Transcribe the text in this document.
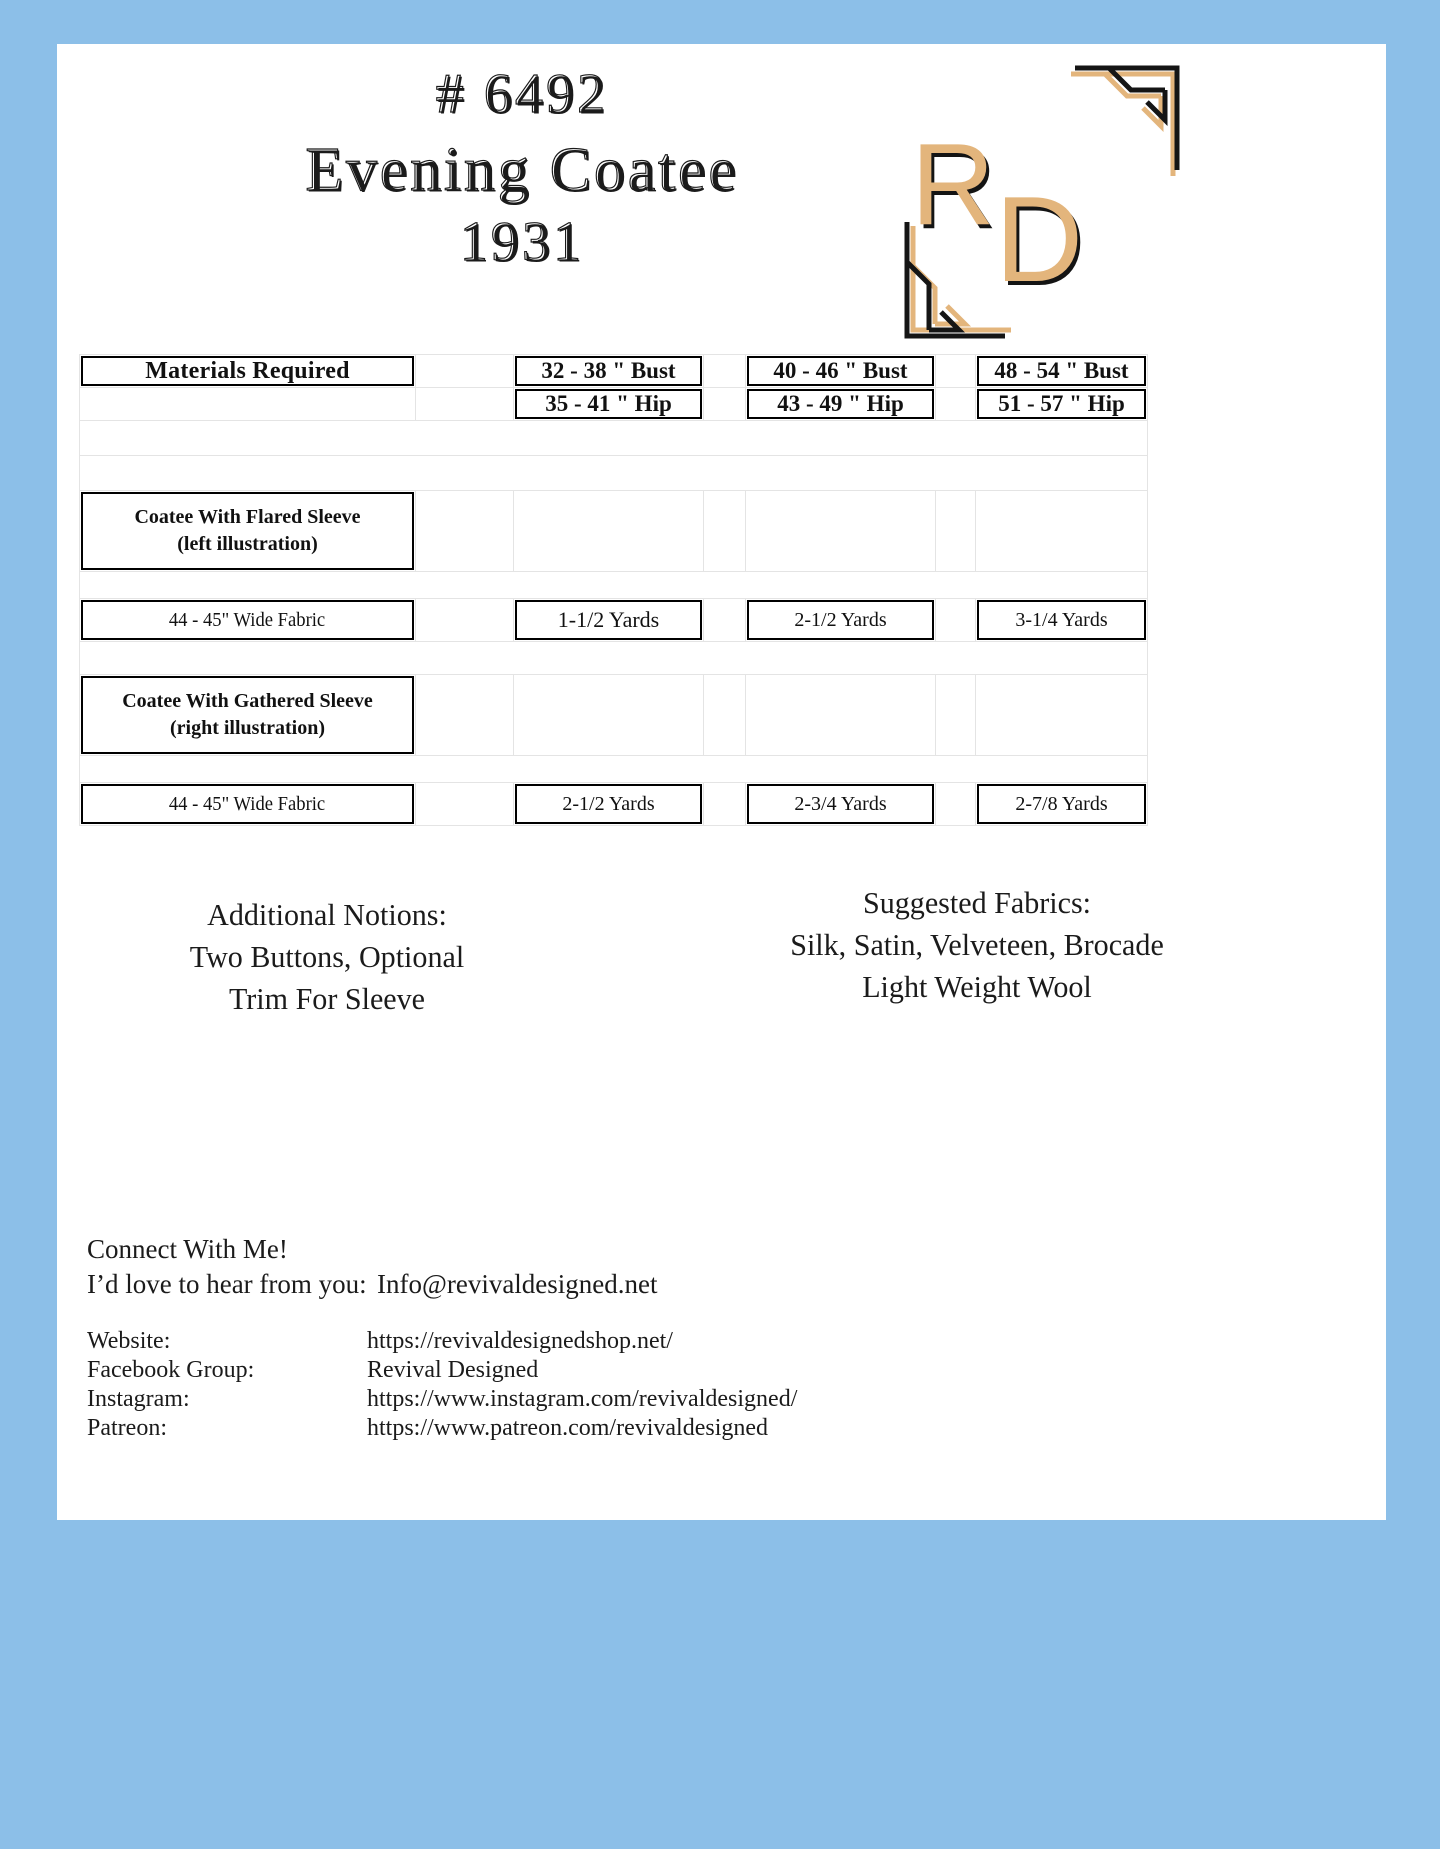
# 6492
Evening Coatee
1931	R D
Materials Required		32 - 38 " Bust		40 - 46 " Bust		48 - 54 " Bust

		35 - 41 " Hip		43 - 49 " Hip		51 - 57 " Hip

Coatee With Flared Sleeve
(left illustration)						

44 - 45" Wide Fabric		1-1/2 Yards		2-1/2 Yards		3-1/4 Yards

Coatee With Gathered Sleeve
(right illustration)						

44 - 45" Wide Fabric		2-1/2 Yards		2-3/4 Yards		2-7/8 Yards
Additional Notions:
Two Buttons, Optional
Trim For Sleeve
Suggested Fabrics:
Silk, Satin, Velveteen, Brocade
Light Weight Wool
Connect With Me!
I’d love to hear from you: Info@revivaldesigned.net
Website:	https://revivaldesignedshop.net/
Facebook Group:	Revival Designed
Instagram:	https://www.instagram.com/revivaldesigned/
Patreon:	https://www.patreon.com/revivaldesigned
